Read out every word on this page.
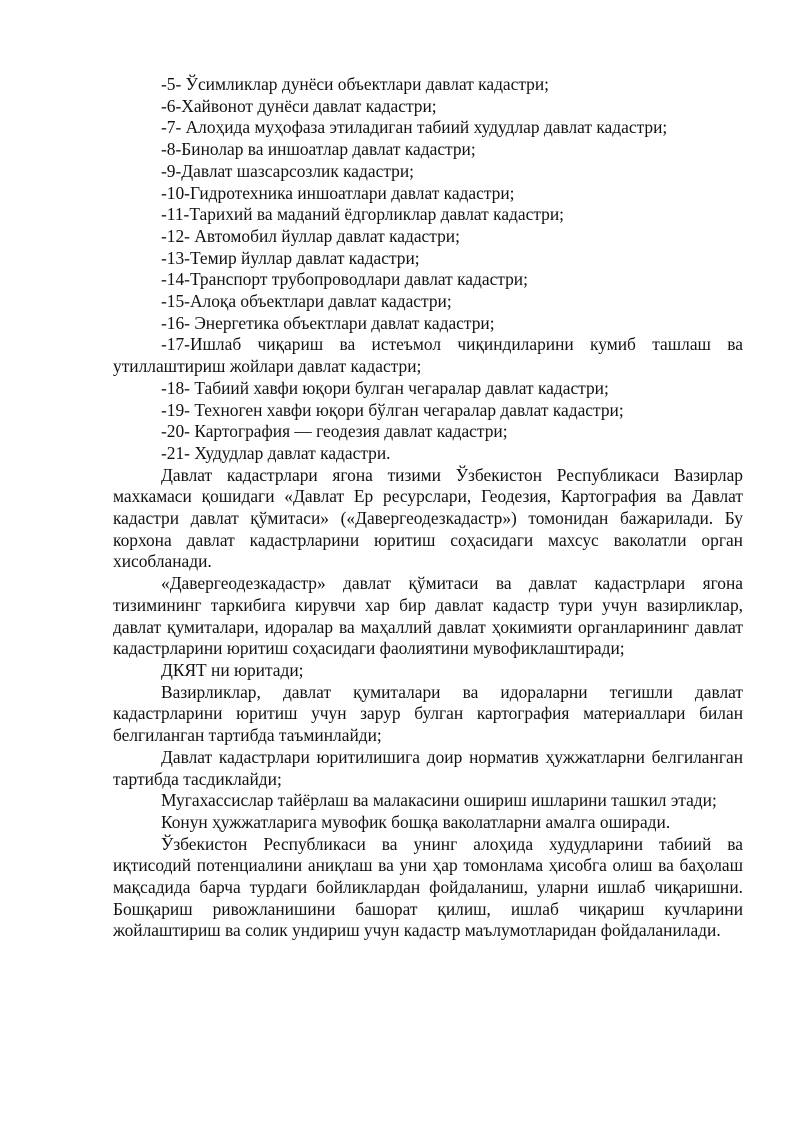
-5- Ўсимликлар дунёси объектлари давлат кадастри;
-6-Хайвонот дунёси давлат кадастри;
-7- Алоҳида муҳофаза этиладиган табиий худудлар давлат кадастри;
-8-Бинолар ва иншоатлар давлат кадастри;
-9-Давлат шазсарсозлик кадастри;
-10-Гидротехника иншоатлари давлат кадастри;
-11-Тарихий ва маданий ёдгорликлар давлат кадастри;
-12- Автомобил йуллар давлат кадастри;
-13-Темир йуллар давлат кадастри;
-14-Транспорт трубопроводлари давлат кадастри;
-15-Алоқа объектлари давлат кадастри;
-16- Энергетика объектлари давлат кадастри;

-17-Ишлаб чиқариш ва истеъмол чиқиндиларини кумиб ташлаш ва утиллаштириш жойлари давлат кадастри;

-18- Табиий хавфи юқори булган чегаралар давлат кадастри;
-19- Техноген хавфи юқори бўлган чегаралар давлат кадастри;
-20- Картография — геодезия давлат кадастри;
-21- Худудлар давлат кадастри.

Давлат кадастрлари ягона тизими Ўзбекистон Республикаси Вазирлар махкамаси қошидаги «Давлат Ер ресурслари, Геодезия, Картография ва Давлат кадастри давлат қўмитаси» («Давергеодезкадастр») томонидан бажарилади. Бу корхона давлат кадастрларини юритиш соҳасидаги махсус ваколатли орган хисобланади.

«Давергеодезкадастр» давлат қўмитаси ва давлат кадастрлари ягона тизимининг таркибига кирувчи хар бир давлат кадастр тури учун вазирликлар, давлат қумиталари, идоралар ва маҳаллий давлат ҳокимияти органларининг давлат кадастрларини юритиш соҳасидаги фаолиятини мувофиклаштиради;

ДКЯТ ни юритади;

Вазирликлар, давлат қумиталари ва идораларни тегишли давлат кадастрларини юритиш учун зарур булган картография материаллари билан белгиланган тартибда таъминлайди;

Давлат кадастрлари юритилишига доир норматив ҳужжатларни белгиланган тартибда тасдиклайди;

Мугахассислар тайёрлаш ва малакасини ошириш ишларини ташкил этади;

Конун ҳужжатларига мувофик бошқа ваколатларни амалга оширади.

Ўзбекистон Республикаси ва унинг алоҳида худудларини табиий ва иқтисодий потенциалини аниқлаш ва уни ҳар томонлама ҳисобга олиш ва баҳолаш мақсадида барча турдаги бойликлардан фойдаланиш, уларни ишлаб чиқаришни. Бошқариш ривожланишини башорат қилиш, ишлаб чиқариш кучларини жойлаштириш ва солик ундириш учун кадастр маълумотларидан фойдаланилади.
